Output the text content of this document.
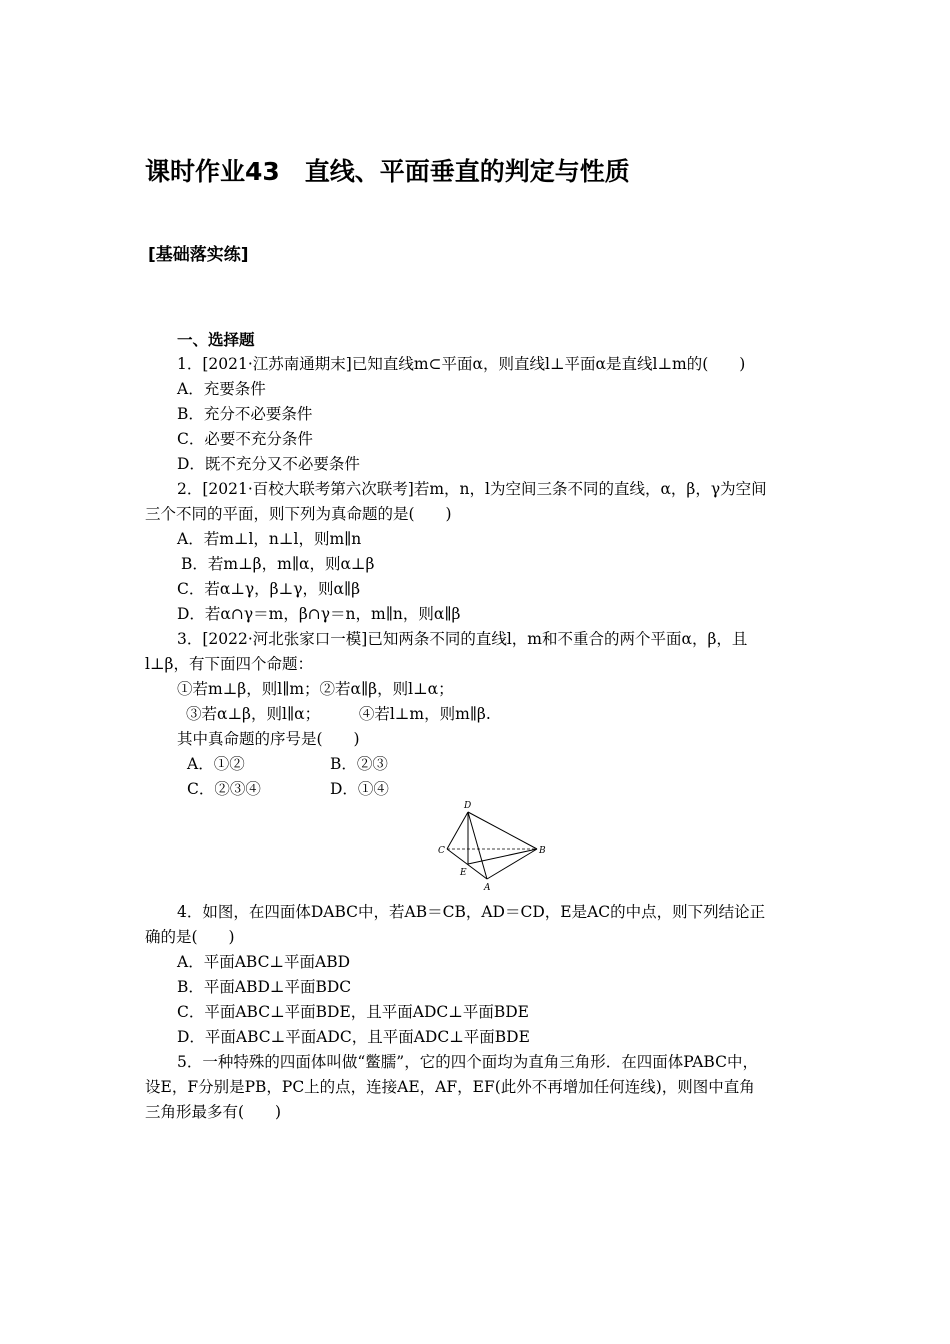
课时作业43　直线、平面垂直的判定与性质
[基础落实练]
一、选择题
1．[2021·江苏南通期末]已知直线m⊂平面α，则直线l⊥平面α是直线l⊥m的(　　)
A．充要条件
B．充分不必要条件
C．必要不充分条件
D．既不充分又不必要条件
2．[2021·百校大联考第六次联考]若m，n，l为空间三条不同的直线，α，β，γ为空间
三个不同的平面，则下列为真命题的是(　　)
A．若m⊥l，n⊥l，则m∥n
B．若m⊥β，m∥α，则α⊥β
C．若α⊥γ，β⊥γ，则α∥β
D．若α∩γ＝m，β∩γ＝n，m∥n，则α∥β
3．[2022·河北张家口一模]已知两条不同的直线l，m和不重合的两个平面α，β，且
l⊥β，有下面四个命题：
①若m⊥β，则l∥m；②若α∥β，则l⊥α；
③若α⊥β，则l∥α；　　　④若l⊥m，则m∥β.
其中真命题的序号是(　　)
A．①②	B．②③
C．②③④	D．①④
D
C	B
E
A
4．如图，在四面体DABC中，若AB＝CB，AD＝CD，E是AC的中点，则下列结论正
确的是(　　)
A．平面ABC⊥平面ABD
B．平面ABD⊥平面BDC
C．平面ABC⊥平面BDE，且平面ADC⊥平面BDE
D．平面ABC⊥平面ADC，且平面ADC⊥平面BDE
5．一种特殊的四面体叫做“鳖臑”，它的四个面均为直角三角形．在四面体PABC中，
设E，F分别是PB，PC上的点，连接AE，AF，EF(此外不再增加任何连线)，则图中直角
三角形最多有(　　)
